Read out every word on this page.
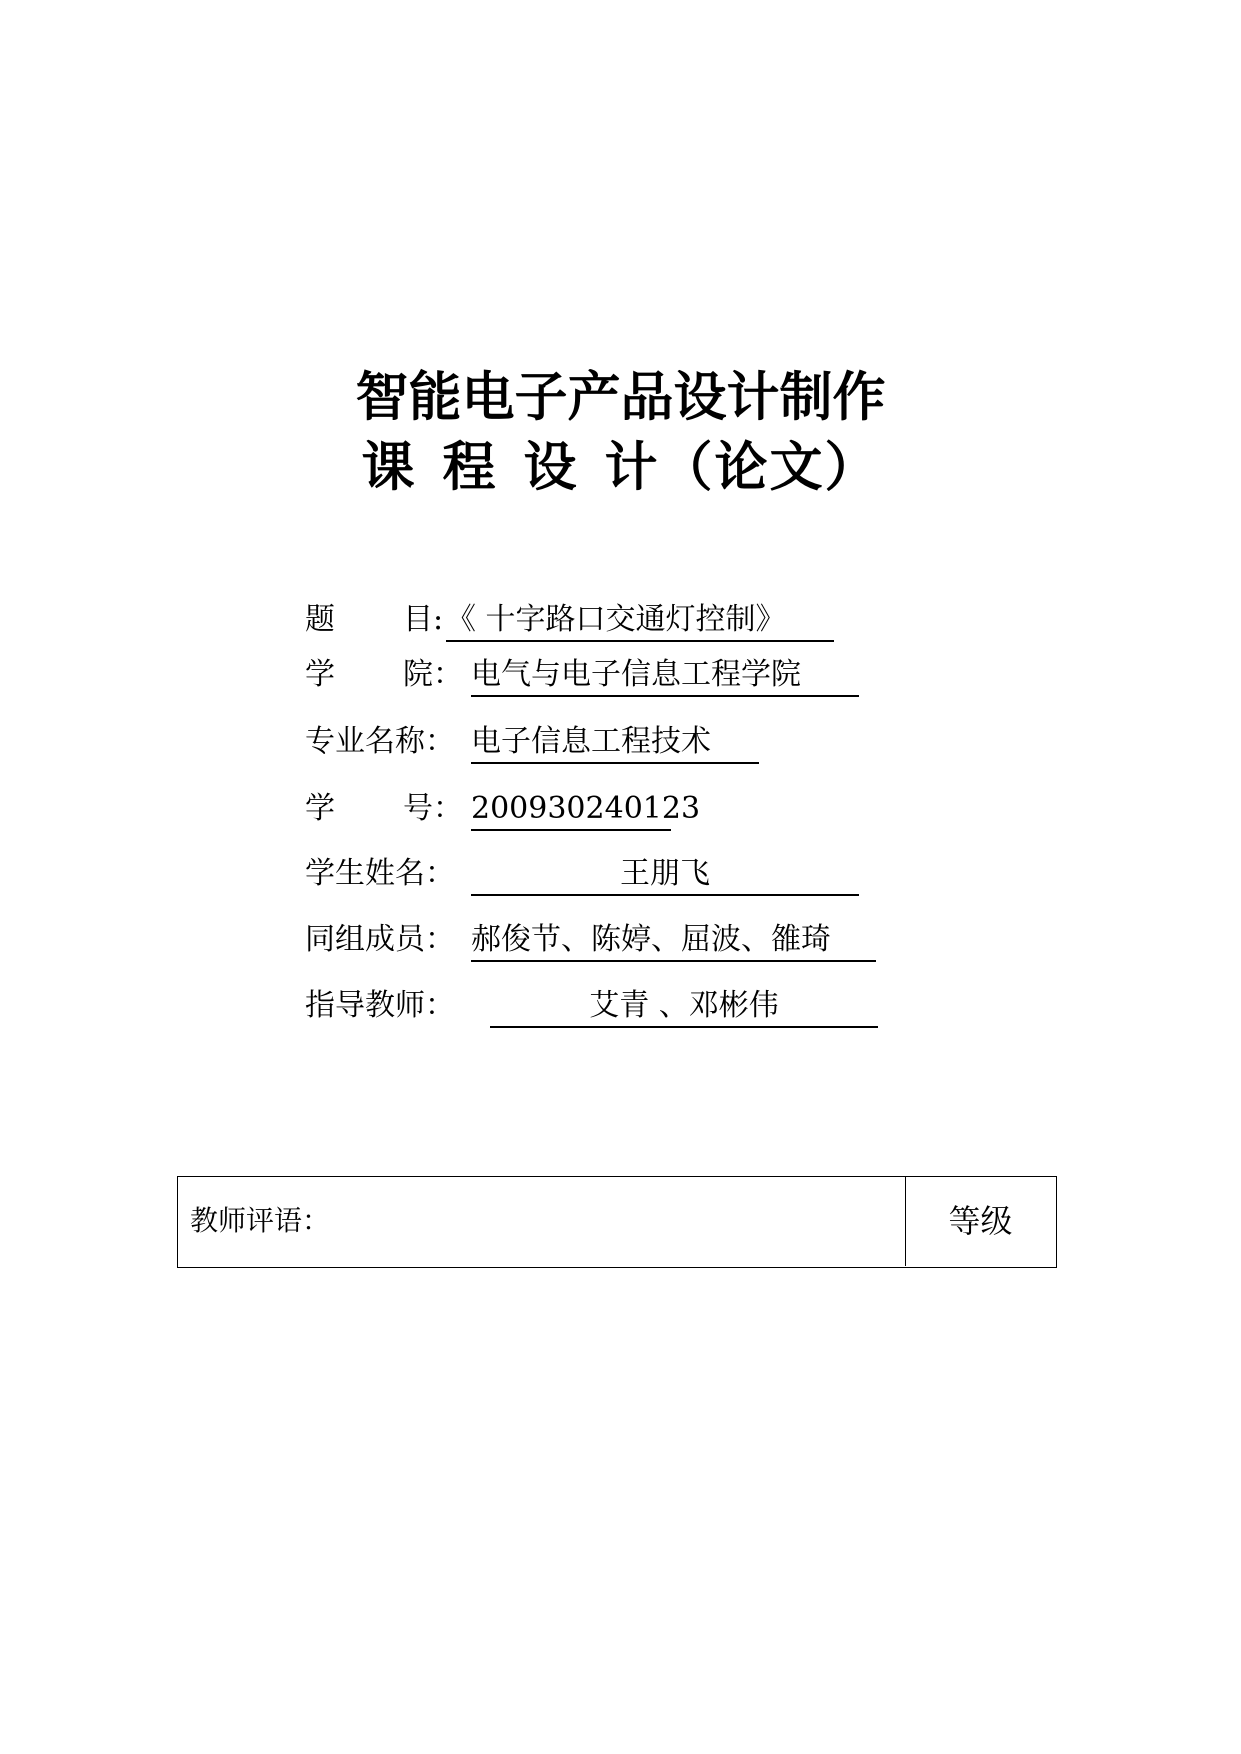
智能电子产品设计制作
课 程 设 计（论文）
题 目: 《 十字路口交通灯控制》
学 院： 电气与电子信息工程学院
专业名称： 电子信息工程技术
学 号： 200930240123
学生姓名：	王朋飞
同组成员： 郝俊节、陈婷、屈波、雒琦
指导教师：	艾青 、邓彬伟
教师评语：	等级
